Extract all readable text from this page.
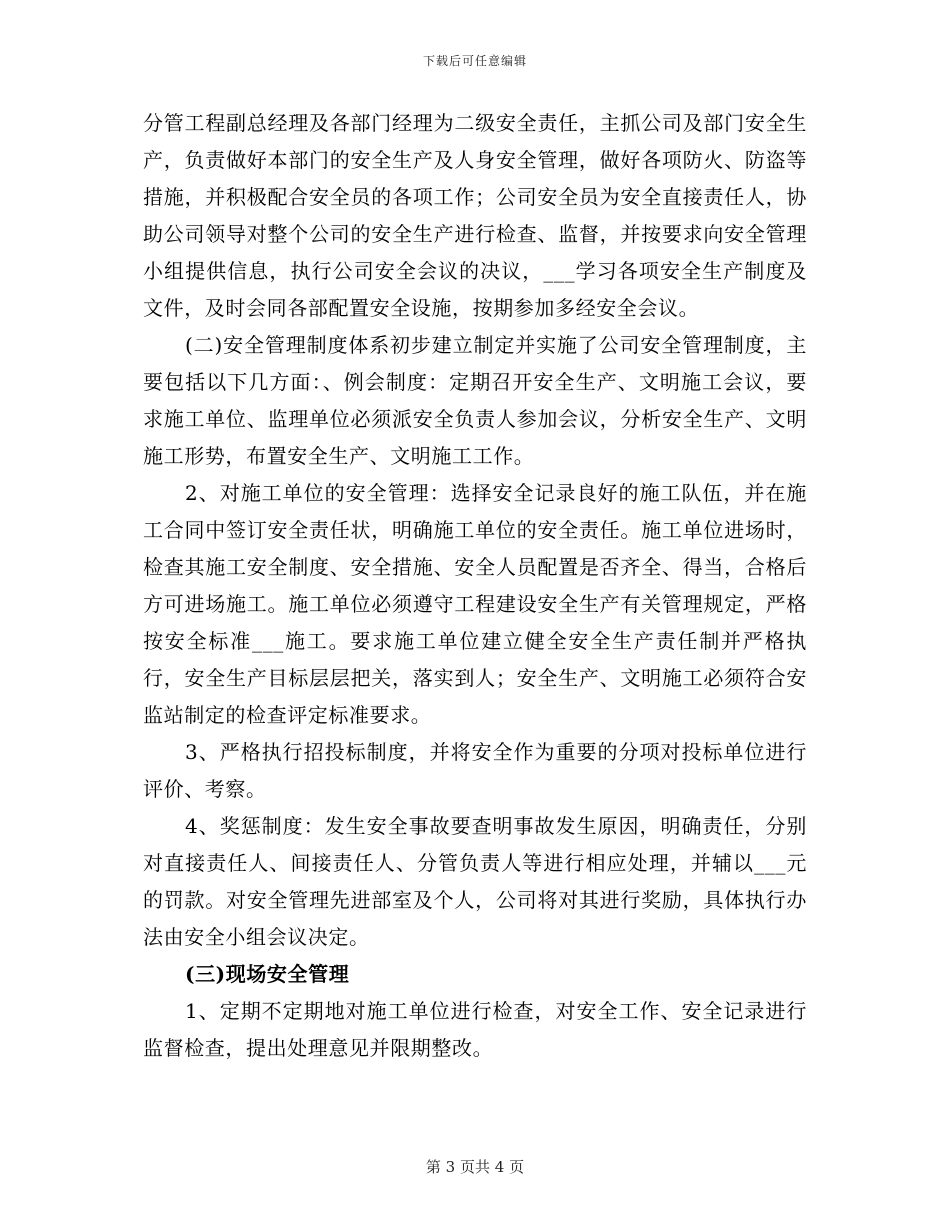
下载后可任意编辑

分管工程副总经理及各部门经理为二级安全责任，主抓公司及部门安全生产，负责做好本部门的安全生产及人身安全管理，做好各项防火、防盗等措施，并积极配合安全员的各项工作；公司安全员为安全直接责任人，协助公司领导对整个公司的安全生产进行检查、监督，并按要求向安全管理小组提供信息，执行公司安全会议的决议，___学习各项安全生产制度及文件，及时会同各部配置安全设施，按期参加多经安全会议。

(二)安全管理制度体系初步建立制定并实施了公司安全管理制度，主要包括以下几方面：、例会制度：定期召开安全生产、文明施工会议，要求施工单位、监理单位必须派安全负责人参加会议，分析安全生产、文明施工形势，布置安全生产、文明施工工作。

2、对施工单位的安全管理：选择安全记录良好的施工队伍，并在施工合同中签订安全责任状，明确施工单位的安全责任。施工单位进场时，检查其施工安全制度、安全措施、安全人员配置是否齐全、得当，合格后方可进场施工。施工单位必须遵守工程建设安全生产有关管理规定，严格按安全标准___施工。要求施工单位建立健全安全生产责任制并严格执行，安全生产目标层层把关，落实到人；安全生产、文明施工必须符合安监站制定的检查评定标准要求。

3、严格执行招投标制度，并将安全作为重要的分项对投标单位进行评价、考察。

4、奖惩制度：发生安全事故要查明事故发生原因，明确责任，分别对直接责任人、间接责任人、分管负责人等进行相应处理，并辅以___元的罚款。对安全管理先进部室及个人，公司将对其进行奖励，具体执行办法由安全小组会议决定。

(三)现场安全管理

1、定期不定期地对施工单位进行检查，对安全工作、安全记录进行监督检查，提出处理意见并限期整改。

第 3 页共 4 页
